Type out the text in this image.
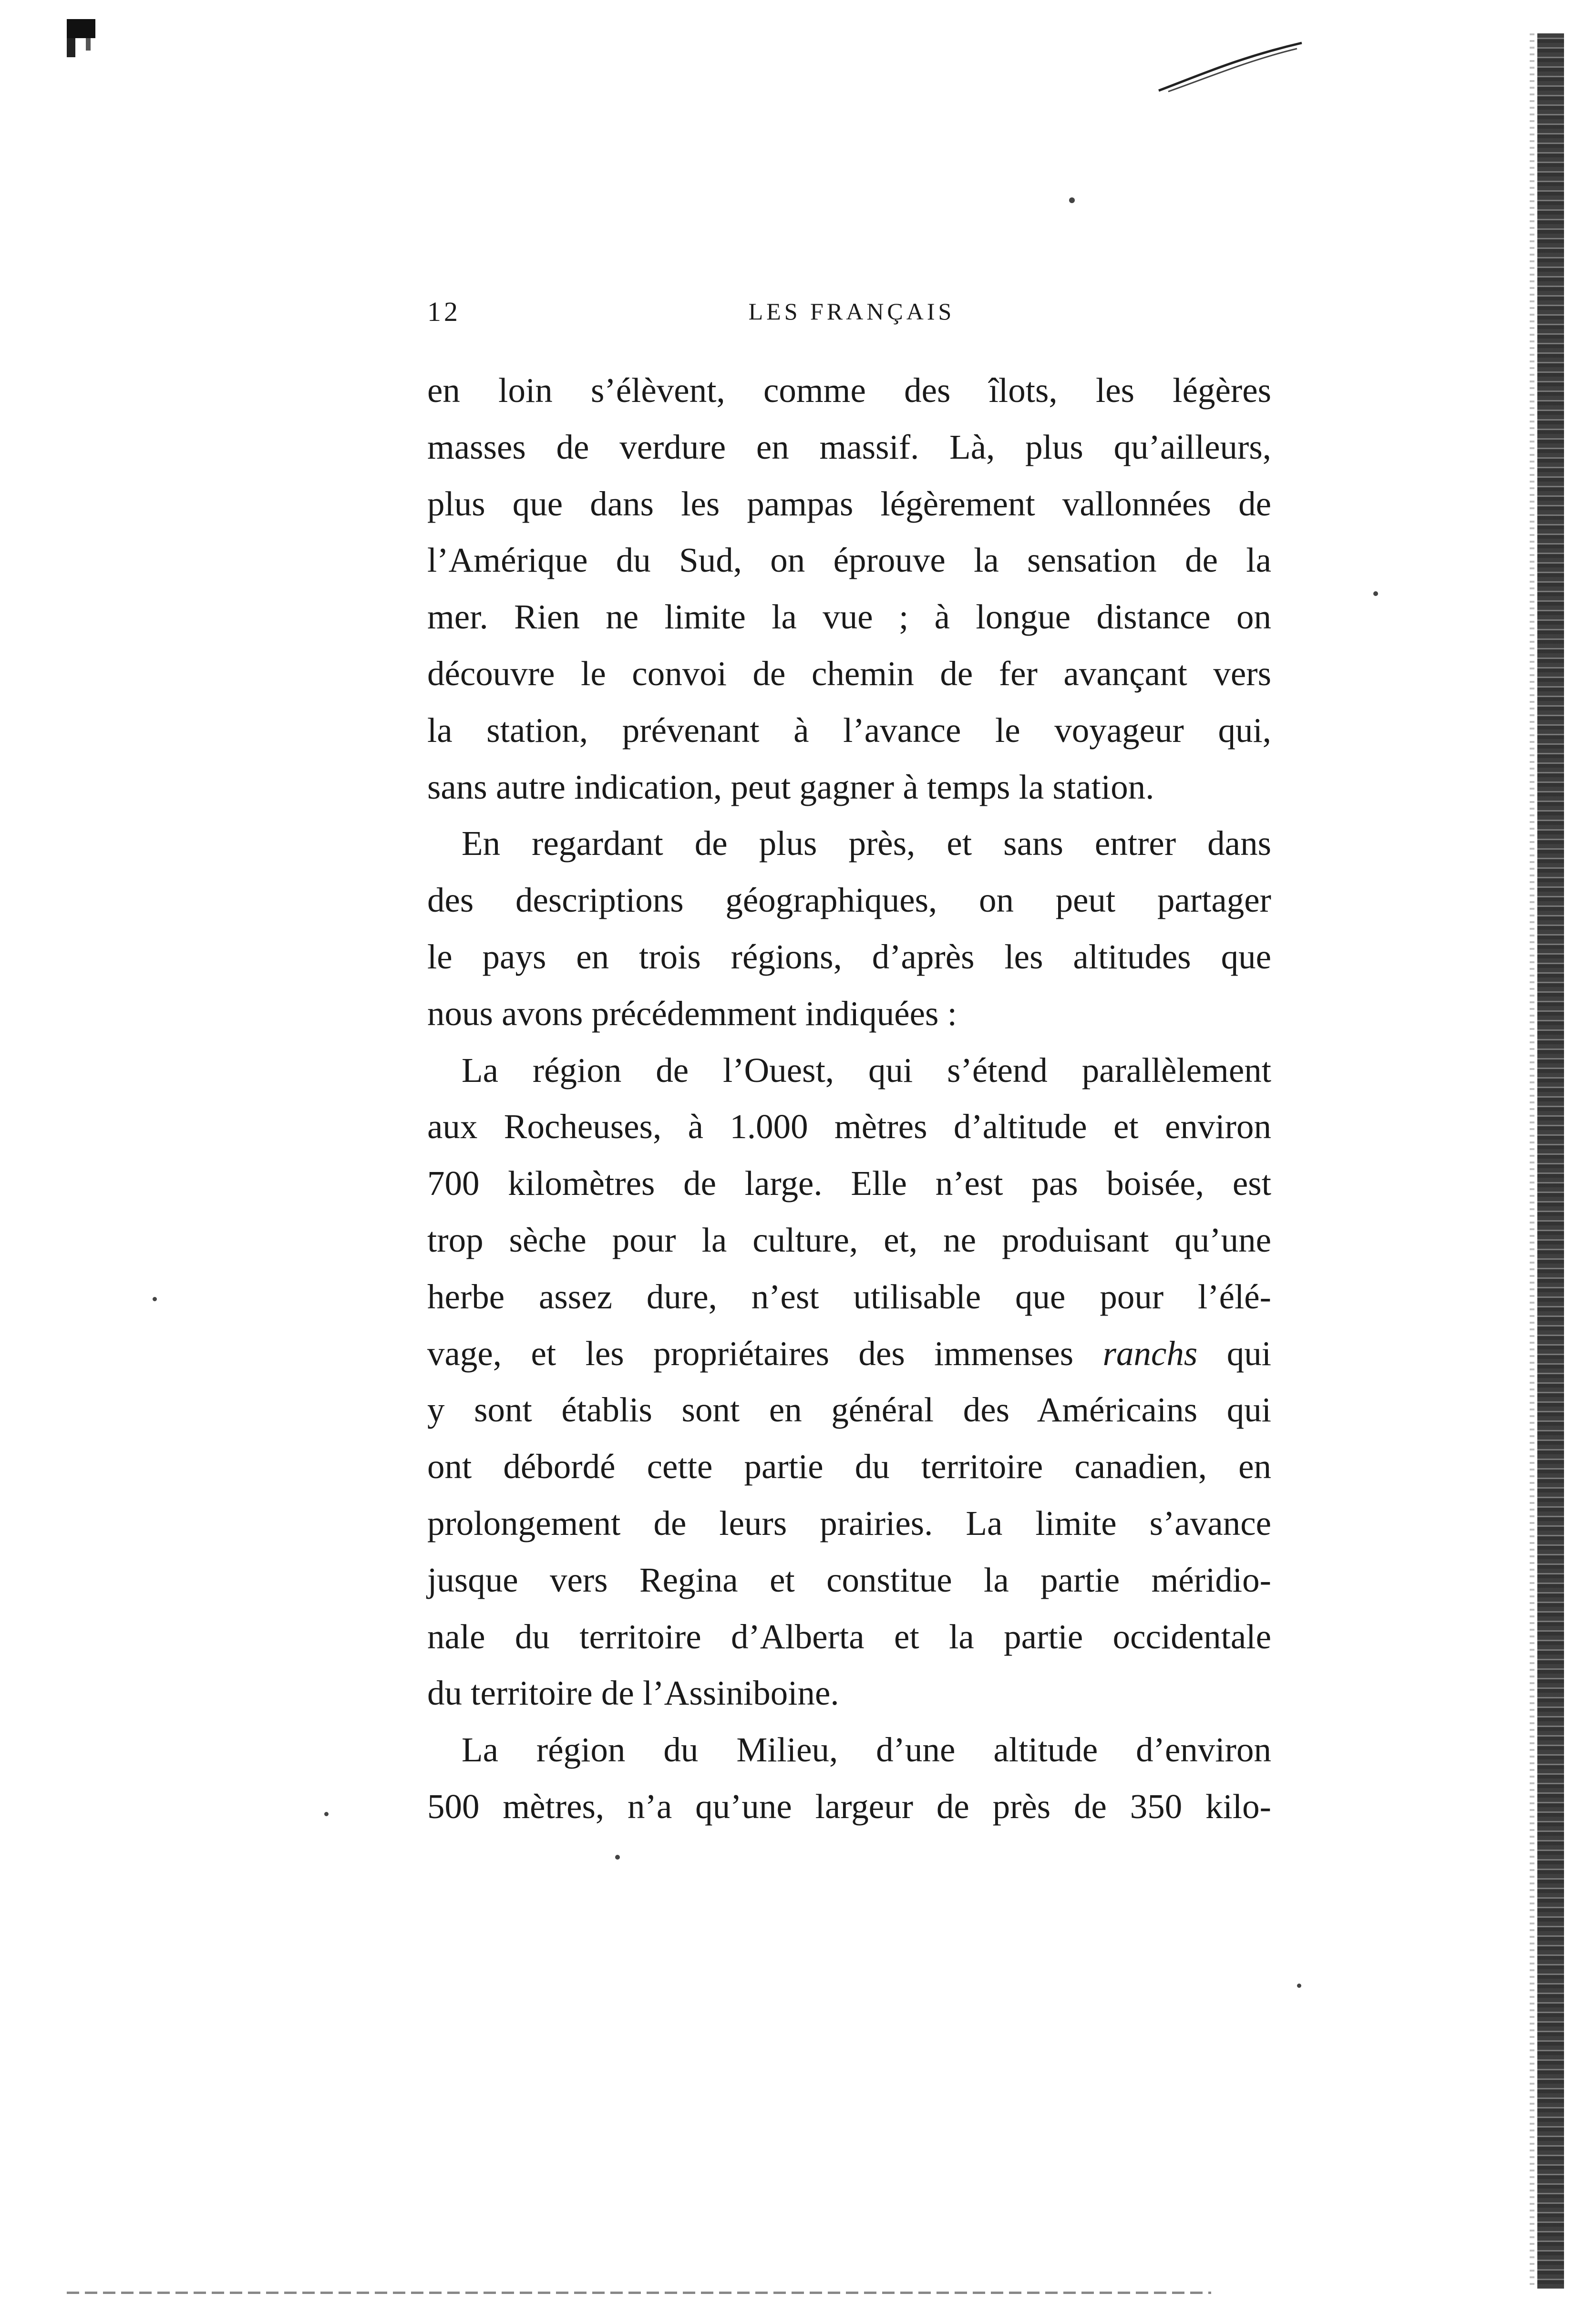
12	LES FRANÇAIS

en loin s’élèvent, comme des îlots, les légères

masses de verdure en massif. Là, plus qu’ailleurs,

plus que dans les pampas légèrement vallonnées de

l’Amérique du Sud, on éprouve la sensation de la

mer. Rien ne limite la vue ; à longue distance on

découvre le convoi de chemin de fer avançant vers

la station, prévenant à l’avance le voyageur qui,

sans autre indication, peut gagner à temps la station.

En regardant de plus près, et sans entrer dans

des descriptions géographiques, on peut partager

le pays en trois régions, d’après les altitudes que

nous avons précédemment indiquées :

La région de l’Ouest, qui s’étend parallèlement

aux Rocheuses, à 1.000 mètres d’altitude et environ

700 kilomètres de large. Elle n’est pas boisée, est

trop sèche pour la culture, et, ne produisant qu’une

herbe assez dure, n’est utilisable que pour l’élé-

vage, et les propriétaires des immenses ranchs qui

y sont établis sont en général des Américains qui

ont débordé cette partie du territoire canadien, en

prolongement de leurs prairies. La limite s’avance

jusque vers Regina et constitue la partie méridio-

nale du territoire d’Alberta et la partie occidentale

du territoire de l’Assiniboine.

La région du Milieu, d’une altitude d’environ

500 mètres, n’a qu’une largeur de près de 350 kilo-
